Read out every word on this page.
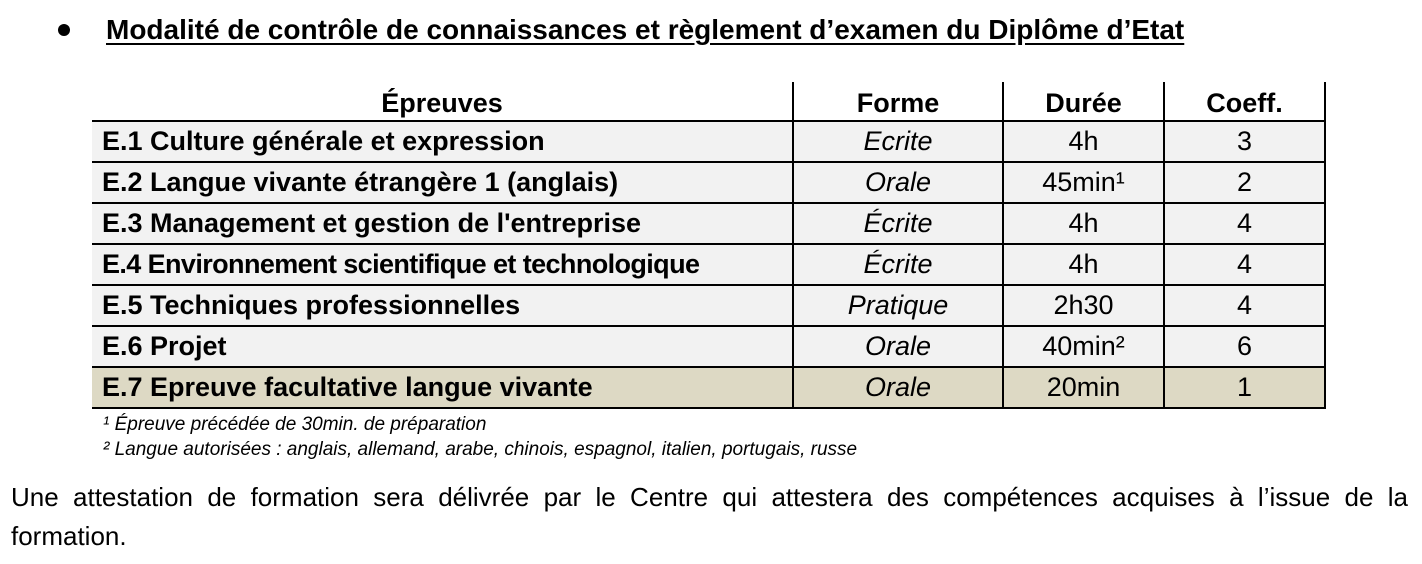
Modalité de contrôle de connaissances et règlement d’examen du Diplôme d’Etat
Épreuves	Forme	Durée	Coeff.
E.1 Culture générale et expression	Ecrite	4h	3
E.2 Langue vivante étrangère 1 (anglais)	Orale	45min¹	2
E.3 Management et gestion de l'entreprise	Écrite	4h	4
E.4 Environnement scientifique et technologique	Écrite	4h	4
E.5 Techniques professionnelles	Pratique	2h30	4
E.6 Projet	Orale	40min²	6
E.7 Epreuve facultative langue vivante	Orale	20min	1
¹ Épreuve précédée de 30min. de préparation
² Langue autorisées : anglais, allemand, arabe, chinois, espagnol, italien, portugais, russe
Une attestation de formation sera délivrée par le Centre qui attestera des compétences acquises à l’issue de la formation.
